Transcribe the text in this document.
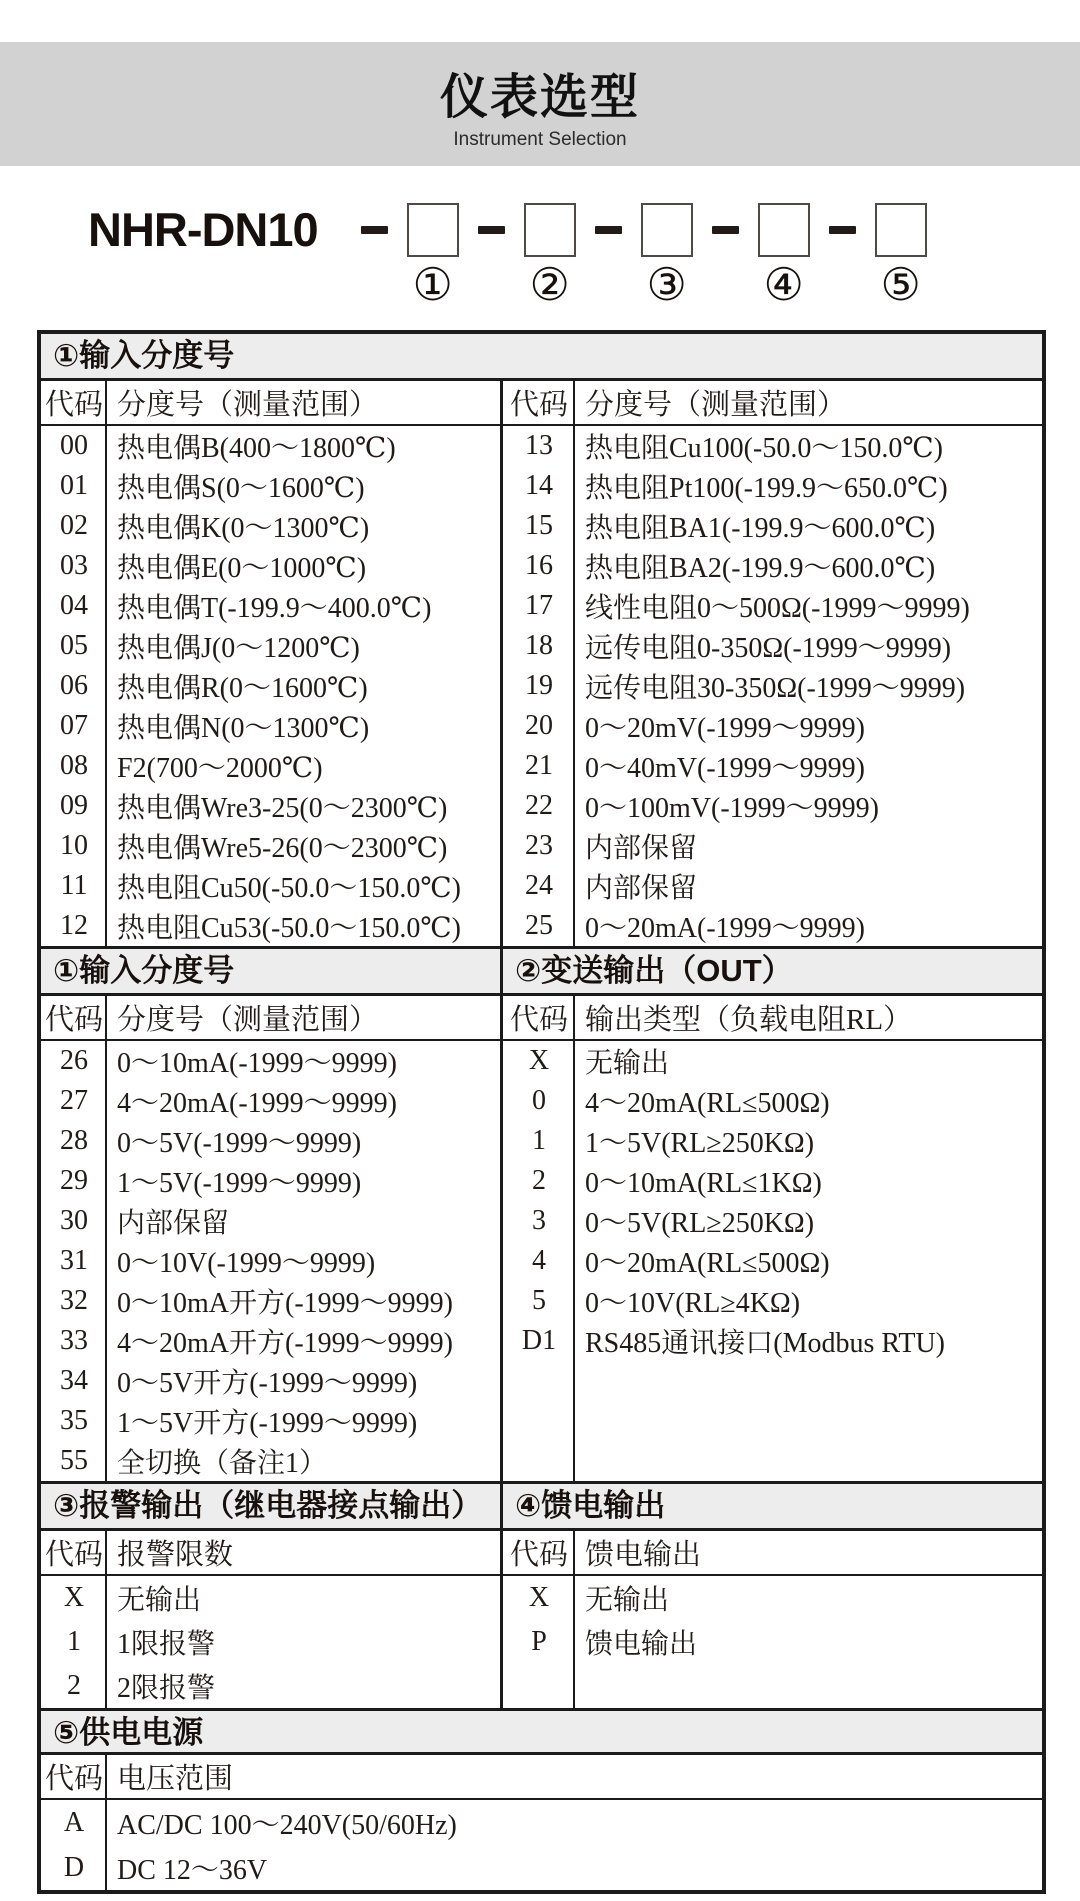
仪表选型
Instrument Selection
NHR-DN10
① ② ③ ④ ⑤
①输入分度号
代码 分度号（测量范围）
00	热电偶B(400～1800℃)
01	热电偶S(0～1600℃)
02	热电偶K(0～1300℃)
03	热电偶E(0～1000℃)
04	热电偶T(-199.9～400.0℃)
05	热电偶J(0～1200℃)
06	热电偶R(0～1600℃)
07	热电偶N(0～1300℃)
08	F2(700～2000℃)
09	热电偶Wre3-25(0～2300℃)
10	热电偶Wre5-26(0～2300℃)
11	热电阻Cu50(-50.0～150.0℃)
12	热电阻Cu53(-50.0～150.0℃)
代码 分度号（测量范围）
13	热电阻Cu100(-50.0～150.0℃)
14	热电阻Pt100(-199.9～650.0℃)
15	热电阻BA1(-199.9～600.0℃)
16	热电阻BA2(-199.9～600.0℃)
17	线性电阻0～500Ω(-1999～9999)
18	远传电阻0-350Ω(-1999～9999)
19	远传电阻30-350Ω(-1999～9999)
20	0～20mV(-1999～9999)
21	0～40mV(-1999～9999)
22	0～100mV(-1999～9999)
23	内部保留
24	内部保留
25	0～20mA(-1999～9999)
①输入分度号	②变送输出（OUT）
代码 分度号（测量范围）
26	0～10mA(-1999～9999)
27	4～20mA(-1999～9999)
28	0～5V(-1999～9999)
29	1～5V(-1999～9999)
30	内部保留
31	0～10V(-1999～9999)
32	0～10mA开方(-1999～9999)
33	4～20mA开方(-1999～9999)
34	0～5V开方(-1999～9999)
35	1～5V开方(-1999～9999)
55	全切换（备注1）
代码 输出类型（负载电阻RL）
X	无输出
0	4～20mA(RL≤500Ω)
1	1～5V(RL≥250KΩ)
2	0～10mA(RL≤1KΩ)
3	0～5V(RL≥250KΩ)
4	0～20mA(RL≤500Ω)
5	0～10V(RL≥4KΩ)
D1	RS485通讯接口(Modbus RTU)
③报警输出（继电器接点输出）	④馈电输出
代码 报警限数
X	无输出
1	1限报警
2	2限报警
代码 馈电输出
X	无输出
P	馈电输出
⑤供电电源
代码 电压范围
A	AC/DC 100～240V(50/60Hz)
D	DC 12～36V
